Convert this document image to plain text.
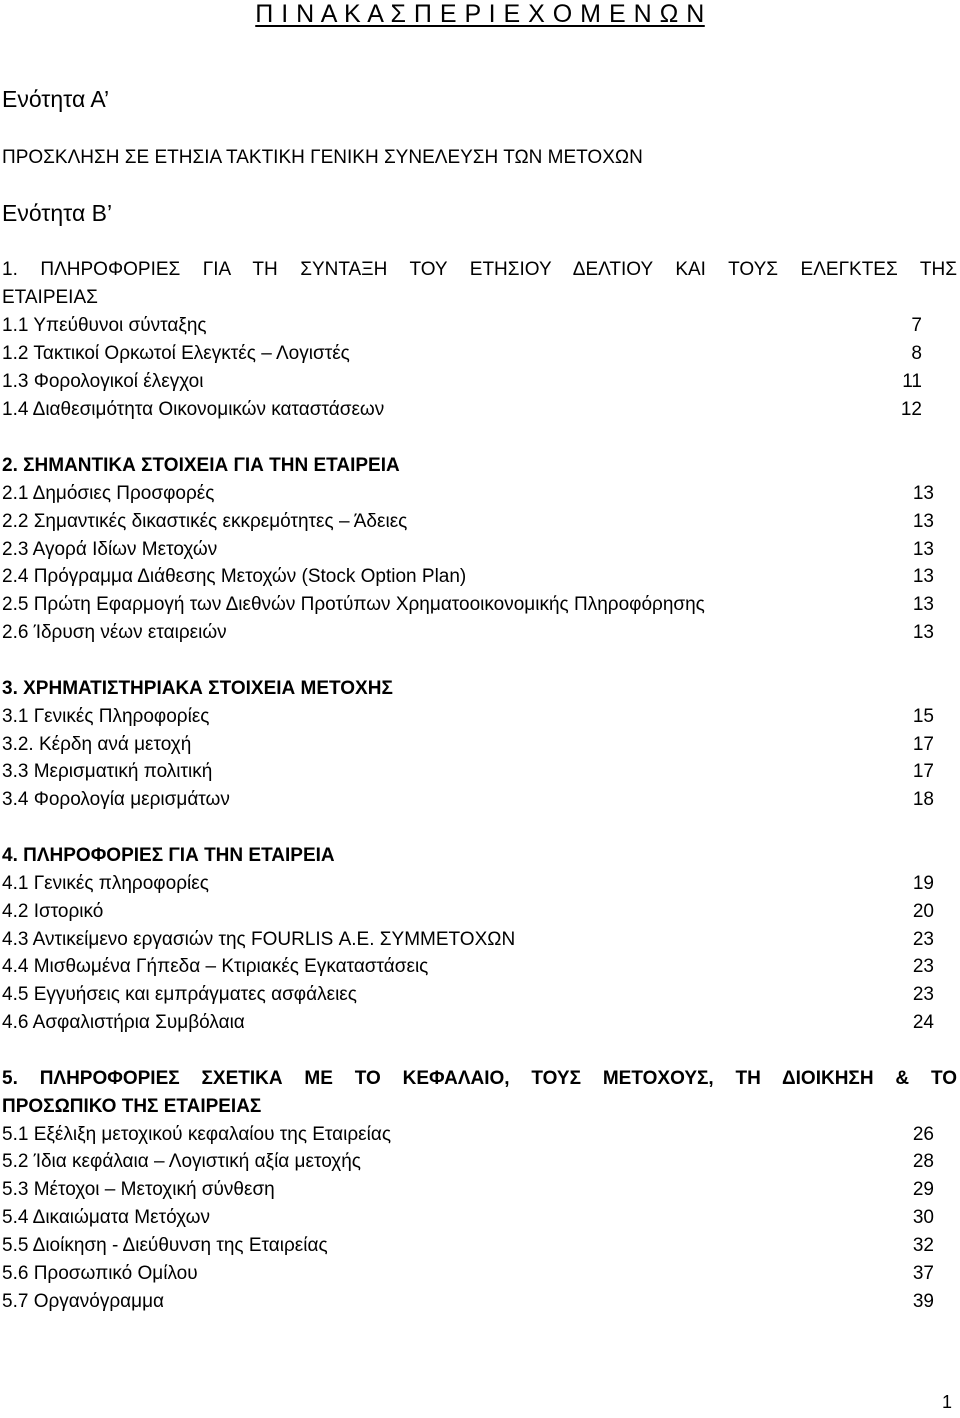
Π Ι Ν Α Κ Α Σ Π Ε Ρ Ι Ε Χ Ο Μ Ε Ν Ω Ν
Ενότητα Α’
ΠΡΟΣΚΛΗΣΗ ΣΕ ΕΤΗΣΙΑ ΤΑΚΤΙΚΗ ΓΕΝΙΚΗ ΣΥΝΕΛΕΥΣΗ ΤΩΝ ΜΕΤΟΧΩΝ
Ενότητα Β’
1. ΠΛΗΡΟΦΟΡΙΕΣ ΓΙΑ ΤΗ ΣΥΝΤΑΞΗ ΤΟΥ ΕΤΗΣΙΟΥ ΔΕΛΤΙΟΥ ΚΑΙ ΤΟΥΣ ΕΛΕΓΚΤΕΣ ΤΗΣ
ΕΤΑΙΡΕΙΑΣ
1.1 Υπεύθυνοι σύνταξης	7
1.2 Τακτικοί Ορκωτοί Ελεγκτές – Λογιστές	8
1.3 Φορολογικοί έλεγχοι	11
1.4 Διαθεσιμότητα Οικονομικών καταστάσεων	12
2. ΣΗΜΑΝΤΙΚΑ ΣΤΟΙΧΕΙΑ ΓΙΑ ΤΗΝ ΕΤΑΙΡΕΙΑ
2.1 Δημόσιες Προσφορές	13
2.2 Σημαντικές δικαστικές εκκρεμότητες – Άδειες	13
2.3 Αγορά Ιδίων Μετοχών	13
2.4 Πρόγραμμα Διάθεσης Μετοχών (Stock Option Plan)	13
2.5 Πρώτη Εφαρμογή των Διεθνών Προτύπων Χρηματοοικονομικής Πληροφόρησης	13
2.6 Ίδρυση νέων εταιρειών	13
3. ΧΡΗΜΑΤΙΣΤΗΡΙΑΚΑ ΣΤΟΙΧΕΙΑ ΜΕΤΟΧΗΣ
3.1 Γενικές Πληροφορίες	15
3.2. Κέρδη ανά μετοχή	17
3.3 Μερισματική πολιτική	17
3.4 Φορολογία μερισμάτων	18
4. ΠΛΗΡΟΦΟΡΙΕΣ ΓΙΑ ΤΗΝ ΕΤΑΙΡΕΙΑ
4.1 Γενικές πληροφορίες	19
4.2 Ιστορικό	20
4.3 Αντικείμενο εργασιών της FOURLIS Α.Ε. ΣΥΜΜΕΤΟΧΩΝ	23
4.4 Μισθωμένα Γήπεδα – Κτιριακές Εγκαταστάσεις	23
4.5 Εγγυήσεις και εμπράγματες ασφάλειες	23
4.6 Ασφαλιστήρια Συμβόλαια	24
5. ΠΛΗΡΟΦΟΡΙΕΣ ΣΧΕΤΙΚΑ ΜΕ ΤΟ ΚΕΦΑΛΑΙΟ, ΤΟΥΣ ΜΕΤΟΧΟΥΣ, ΤΗ ΔΙΟΙΚΗΣΗ & ΤΟ
ΠΡΟΣΩΠΙΚΟ ΤΗΣ ΕΤΑΙΡΕΙΑΣ
5.1 Εξέλιξη μετοχικού κεφαλαίου της Εταιρείας	26
5.2 Ίδια κεφάλαια – Λογιστική αξία μετοχής	28
5.3 Μέτοχοι – Μετοχική σύνθεση	29
5.4 Δικαιώματα Μετόχων	30
5.5 Διοίκηση - Διεύθυνση της Εταιρείας	32
5.6 Προσωπικό Ομίλου	37
5.7 Οργανόγραμμα	39
1
